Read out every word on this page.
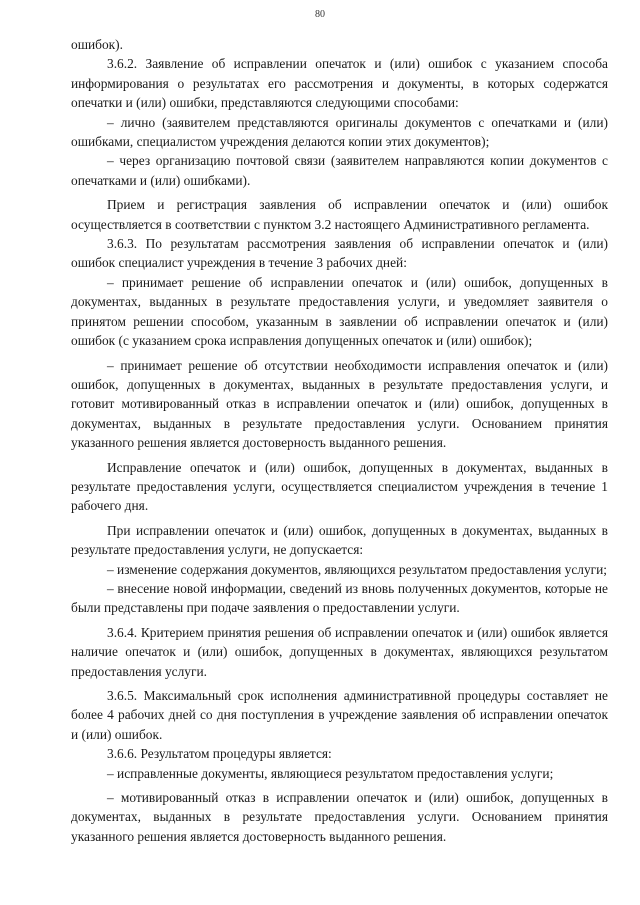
80

ошибок).

3.6.2. Заявление об исправлении опечаток и (или) ошибок с указанием способа информирования о результатах его рассмотрения и документы, в которых содержатся опечатки и (или) ошибки, представляются следующими способами:

– лично (заявителем представляются оригиналы документов с опечатками и (или) ошибками, специалистом учреждения делаются копии этих документов);

– через организацию почтовой связи (заявителем направляются копии документов с опечатками и (или) ошибками).

Прием и регистрация заявления об исправлении опечаток и (или) ошибок осуществляется в соответствии с пунктом 3.2 настоящего Административного регламента.

3.6.3. По результатам рассмотрения заявления об исправлении опечаток и (или) ошибок специалист учреждения в течение 3 рабочих дней:

– принимает решение об исправлении опечаток и (или) ошибок, допущенных в документах, выданных в результате предоставления услуги, и уведомляет заявителя о принятом решении способом, указанным в заявлении об исправлении опечаток и (или) ошибок (с указанием срока исправления допущенных опечаток и (или) ошибок);

– принимает решение об отсутствии необходимости исправления опечаток и (или) ошибок, допущенных в документах, выданных в результате предоставления услуги, и готовит мотивированный отказ в исправлении опечаток и (или) ошибок, допущенных в документах, выданных в результате предоставления услуги. Основанием принятия указанного решения является достоверность выданного решения.

Исправление опечаток и (или) ошибок, допущенных в документах, выданных в результате предоставления услуги, осуществляется специалистом учреждения в течение 1 рабочего дня.

При исправлении опечаток и (или) ошибок, допущенных в документах, выданных в результате предоставления услуги, не допускается:

– изменение содержания документов, являющихся результатом предоставления услуги;

– внесение новой информации, сведений из вновь полученных документов, которые не были представлены при подаче заявления о предоставлении услуги.

3.6.4. Критерием принятия решения об исправлении опечаток и (или) ошибок является наличие опечаток и (или) ошибок, допущенных в документах, являющихся результатом предоставления услуги.

3.6.5. Максимальный срок исполнения административной процедуры составляет не более 4 рабочих дней со дня поступления в учреждение заявления об исправлении опечаток и (или) ошибок.

3.6.6. Результатом процедуры является:

– исправленные документы, являющиеся результатом предоставления услуги;

– мотивированный отказ в исправлении опечаток и (или) ошибок, допущенных в документах, выданных в результате предоставления услуги. Основанием принятия указанного решения является достоверность выданного решения.
